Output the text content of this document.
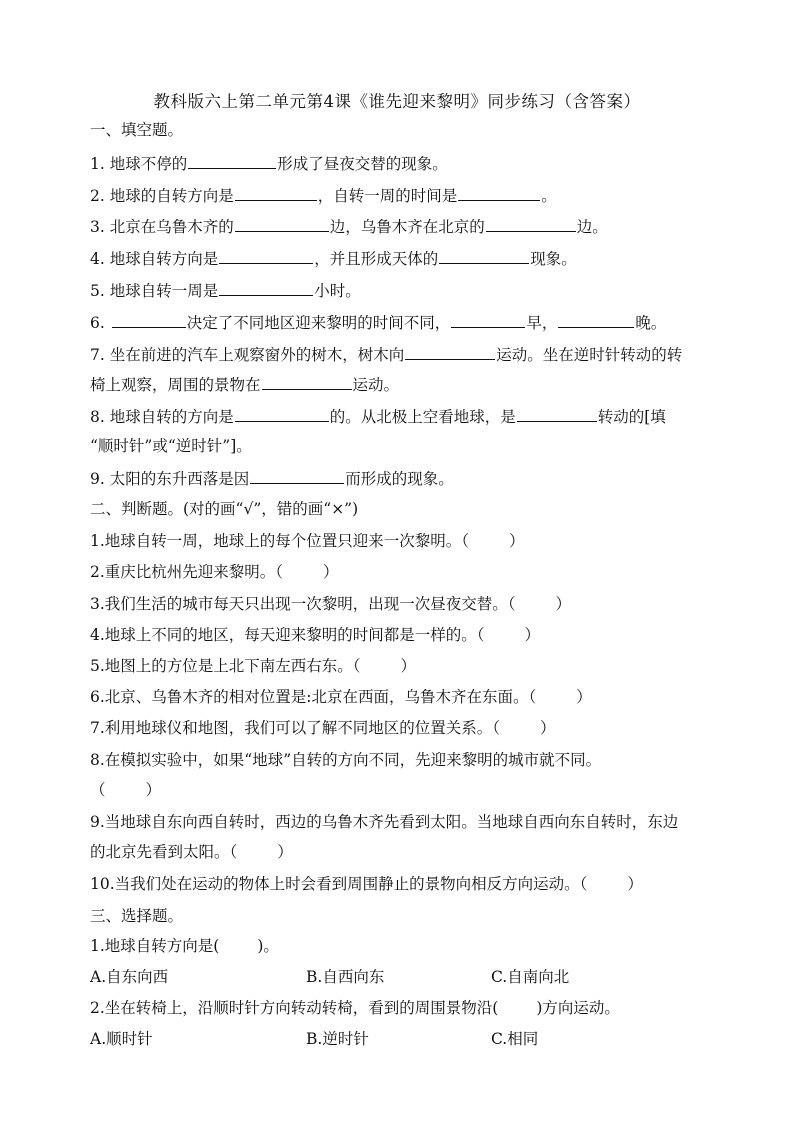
教科版六上第二单元第4课《谁先迎来黎明》同步练习（含答案）
一、填空题。
1. 地球不停的	形成了昼夜交替的现象。
2. 地球的自转方向是	，自转一周的时间是	。
3. 北京在乌鲁木齐的	边，乌鲁木齐在北京的	边。
4. 地球自转方向是	，并且形成天体的	现象。
5. 地球自转一周是	小时。
6.	决定了不同地区迎来黎明的时间不同，	早，	晚。
7. 坐在前进的汽车上观察窗外的树木，树木向	运动。坐在逆时针转动的转
椅上观察，周围的景物在	运动。
8. 地球自转的方向是	的。从北极上空看地球，是	转动的[填
“顺时针”或“逆时针”]。
9. 太阳的东升西落是因	而形成的现象。
二、判断题。(对的画“√”，错的画“×”)
1.地球自转一周，地球上的每个位置只迎来一次黎明。（	）
2.重庆比杭州先迎来黎明。（	）
3.我们生活的城市每天只出现一次黎明，出现一次昼夜交替。（	）
4.地球上不同的地区，每天迎来黎明的时间都是一样的。（	）
5.地图上的方位是上北下南左西右东。（	）
6.北京、乌鲁木齐的相对位置是:北京在西面，乌鲁木齐在东面。（	）
7.利用地球仪和地图，我们可以了解不同地区的位置关系。（	）
8.在模拟实验中，如果“地球”自转的方向不同，先迎来黎明的城市就不同。
（	）
9.当地球自东向西自转时，西边的乌鲁木齐先看到太阳。当地球自西向东自转时，东边
的北京先看到太阳。（	）
10.当我们处在运动的物体上时会看到周围静止的景物向相反方向运动。（	）
三、选择题。
1.地球自转方向是( )。
A.自东向西	B.自西向东	C.自南向北
2.坐在转椅上，沿顺时针方向转动转椅，看到的周围景物沿( )方向运动。
A.顺时针	B.逆时针	C.相同
